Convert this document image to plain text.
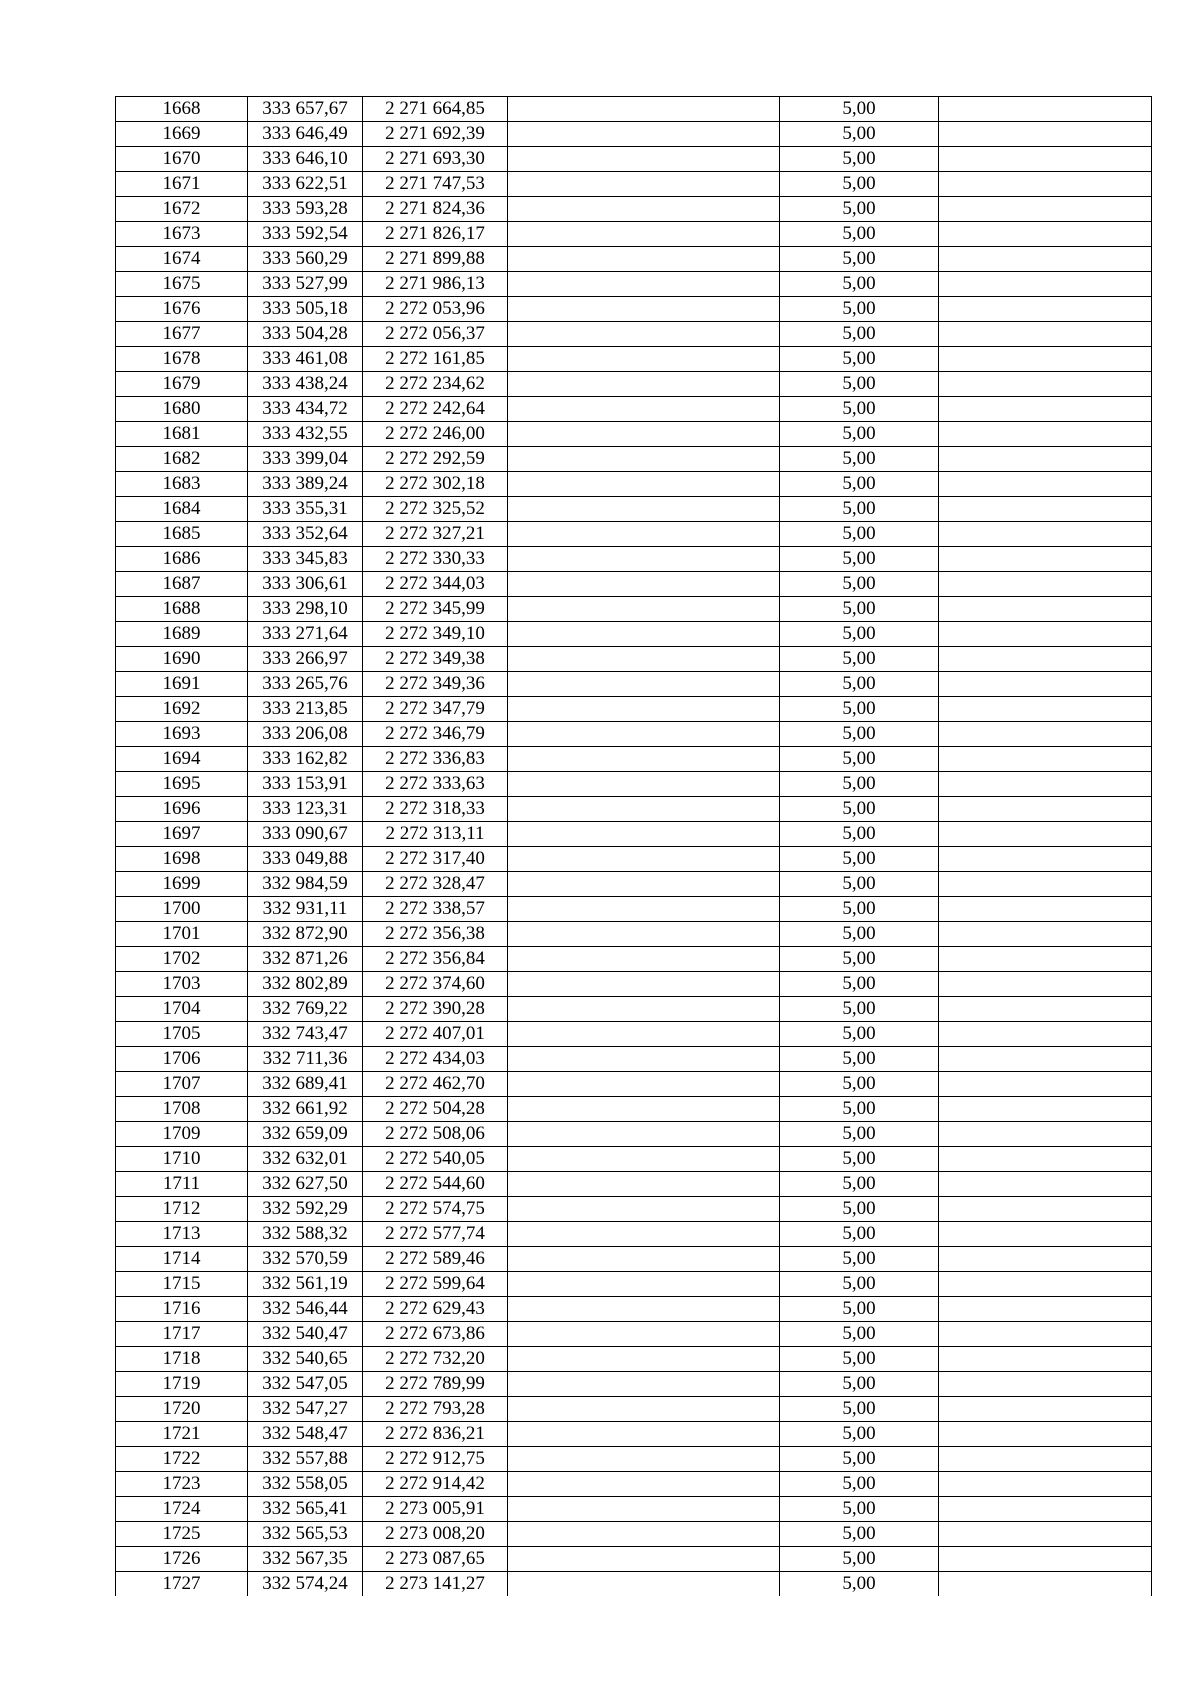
1668	333 657,67	2 271 664,85		5,00	
1669	333 646,49	2 271 692,39		5,00	
1670	333 646,10	2 271 693,30		5,00	
1671	333 622,51	2 271 747,53		5,00	
1672	333 593,28	2 271 824,36		5,00	
1673	333 592,54	2 271 826,17		5,00	
1674	333 560,29	2 271 899,88		5,00	
1675	333 527,99	2 271 986,13		5,00	
1676	333 505,18	2 272 053,96		5,00	
1677	333 504,28	2 272 056,37		5,00	
1678	333 461,08	2 272 161,85		5,00	
1679	333 438,24	2 272 234,62		5,00	
1680	333 434,72	2 272 242,64		5,00	
1681	333 432,55	2 272 246,00		5,00	
1682	333 399,04	2 272 292,59		5,00	
1683	333 389,24	2 272 302,18		5,00	
1684	333 355,31	2 272 325,52		5,00	
1685	333 352,64	2 272 327,21		5,00	
1686	333 345,83	2 272 330,33		5,00	
1687	333 306,61	2 272 344,03		5,00	
1688	333 298,10	2 272 345,99		5,00	
1689	333 271,64	2 272 349,10		5,00	
1690	333 266,97	2 272 349,38		5,00	
1691	333 265,76	2 272 349,36		5,00	
1692	333 213,85	2 272 347,79		5,00	
1693	333 206,08	2 272 346,79		5,00	
1694	333 162,82	2 272 336,83		5,00	
1695	333 153,91	2 272 333,63		5,00	
1696	333 123,31	2 272 318,33		5,00	
1697	333 090,67	2 272 313,11		5,00	
1698	333 049,88	2 272 317,40		5,00	
1699	332 984,59	2 272 328,47		5,00	
1700	332 931,11	2 272 338,57		5,00	
1701	332 872,90	2 272 356,38		5,00	
1702	332 871,26	2 272 356,84		5,00	
1703	332 802,89	2 272 374,60		5,00	
1704	332 769,22	2 272 390,28		5,00	
1705	332 743,47	2 272 407,01		5,00	
1706	332 711,36	2 272 434,03		5,00	
1707	332 689,41	2 272 462,70		5,00	
1708	332 661,92	2 272 504,28		5,00	
1709	332 659,09	2 272 508,06		5,00	
1710	332 632,01	2 272 540,05		5,00	
1711	332 627,50	2 272 544,60		5,00	
1712	332 592,29	2 272 574,75		5,00	
1713	332 588,32	2 272 577,74		5,00	
1714	332 570,59	2 272 589,46		5,00	
1715	332 561,19	2 272 599,64		5,00	
1716	332 546,44	2 272 629,43		5,00	
1717	332 540,47	2 272 673,86		5,00	
1718	332 540,65	2 272 732,20		5,00	
1719	332 547,05	2 272 789,99		5,00	
1720	332 547,27	2 272 793,28		5,00	
1721	332 548,47	2 272 836,21		5,00	
1722	332 557,88	2 272 912,75		5,00	
1723	332 558,05	2 272 914,42		5,00	
1724	332 565,41	2 273 005,91		5,00	
1725	332 565,53	2 273 008,20		5,00	
1726	332 567,35	2 273 087,65		5,00	
1727	332 574,24	2 273 141,27		5,00	
